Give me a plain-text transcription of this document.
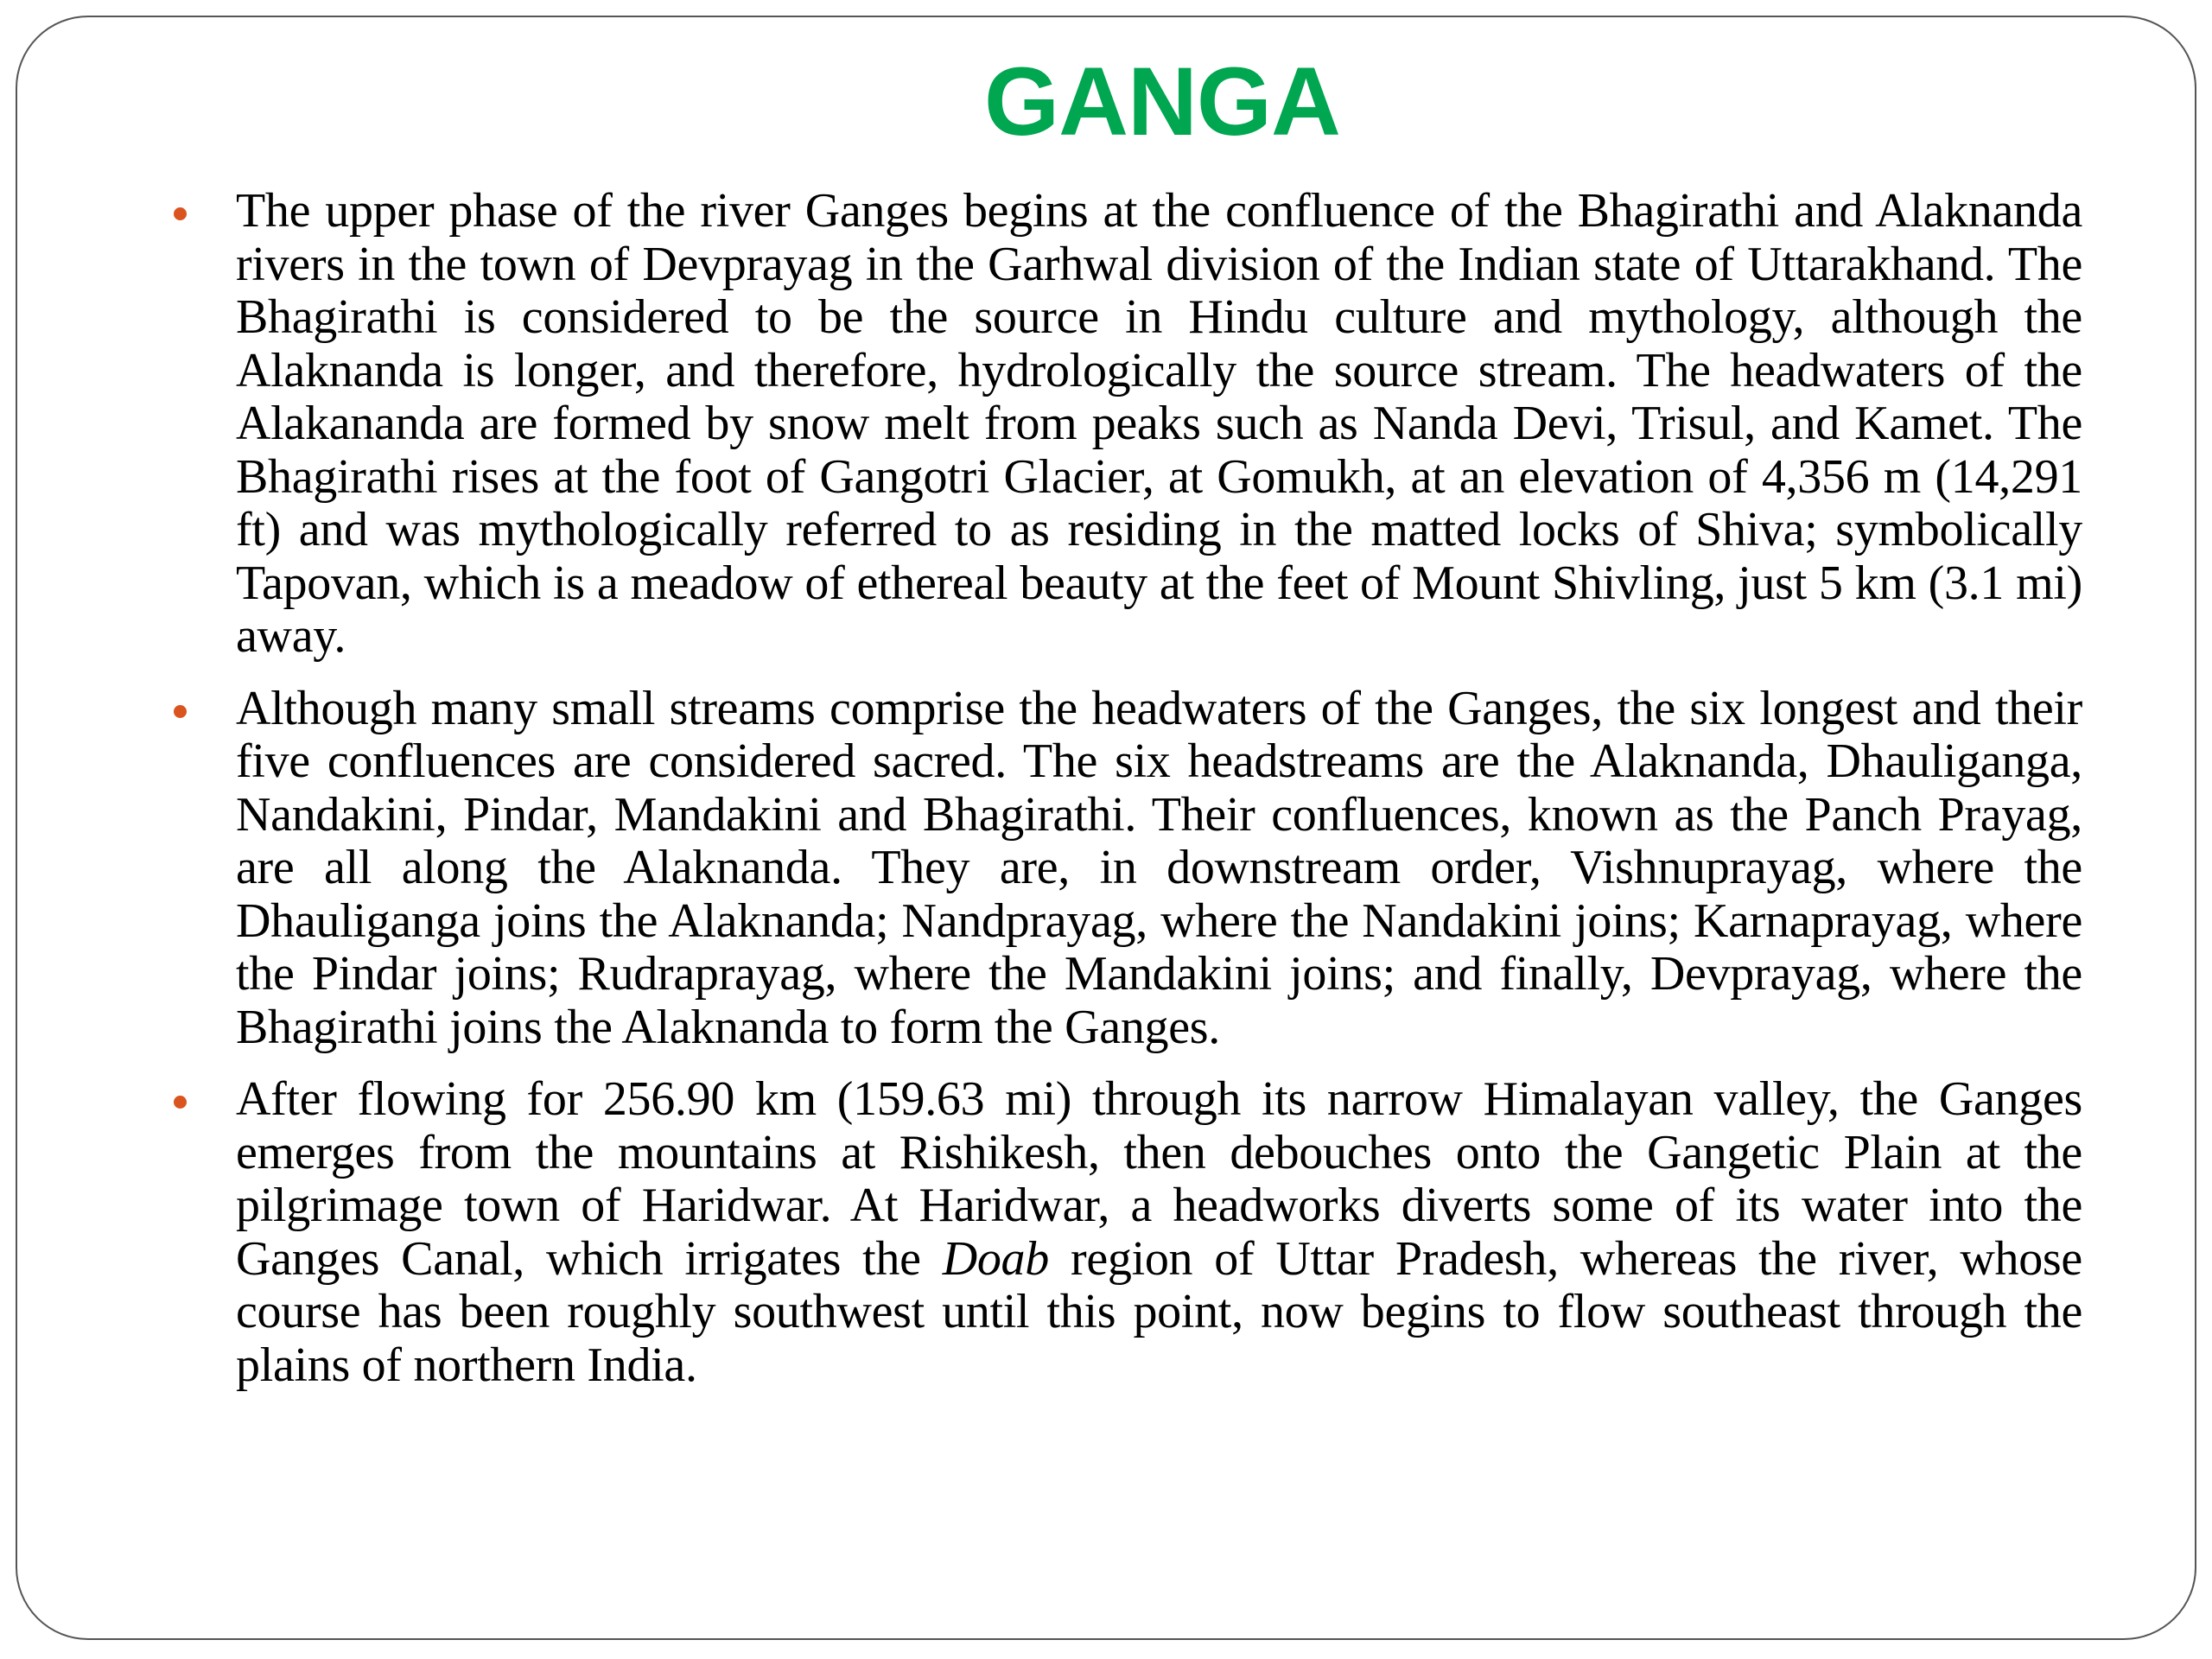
GANGA
The upper phase of the river Ganges begins at the confluence of the Bhagirathi and Alaknanda rivers in the town of Devprayag in the Garhwal division of the Indian state of Uttarakhand. The Bhagirathi is considered to be the source in Hindu culture and mythology, although the Alaknanda is longer, and therefore, hydrologically the source stream. The headwaters of the Alakananda are formed by snow melt from peaks such as Nanda Devi, Trisul, and Kamet. The Bhagirathi rises at the foot of Gangotri Glacier, at Gomukh, at an elevation of 4,356 m (14,291 ft) and was mythologically referred to as residing in the matted locks of Shiva; symbolically Tapovan, which is a meadow of ethereal beauty at the feet of Mount Shivling, just 5 km (3.1 mi) away.
Although many small streams comprise the headwaters of the Ganges, the six longest and their five confluences are considered sacred. The six headstreams are the Alaknanda, Dhauliganga, Nandakini, Pindar, Mandakini and Bhagirathi. Their confluences, known as the Panch Prayag, are all along the Alaknanda. They are, in downstream order, Vishnuprayag, where the Dhauliganga joins the Alaknanda; Nandprayag, where the Nandakini joins; Karnaprayag, where the Pindar joins; Rudraprayag, where the Mandakini joins; and finally, Devprayag, where the Bhagirathi joins the Alaknanda to form the Ganges.
After flowing for 256.90 km (159.63 mi) through its narrow Himalayan valley, the Ganges emerges from the mountains at Rishikesh, then debouches onto the Gangetic Plain at the pilgrimage town of Haridwar. At Haridwar, a headworks diverts some of its water into the Ganges Canal, which irrigates the Doab region of Uttar Pradesh, whereas the river, whose course has been roughly southwest until this point, now begins to flow southeast through the plains of northern India.
